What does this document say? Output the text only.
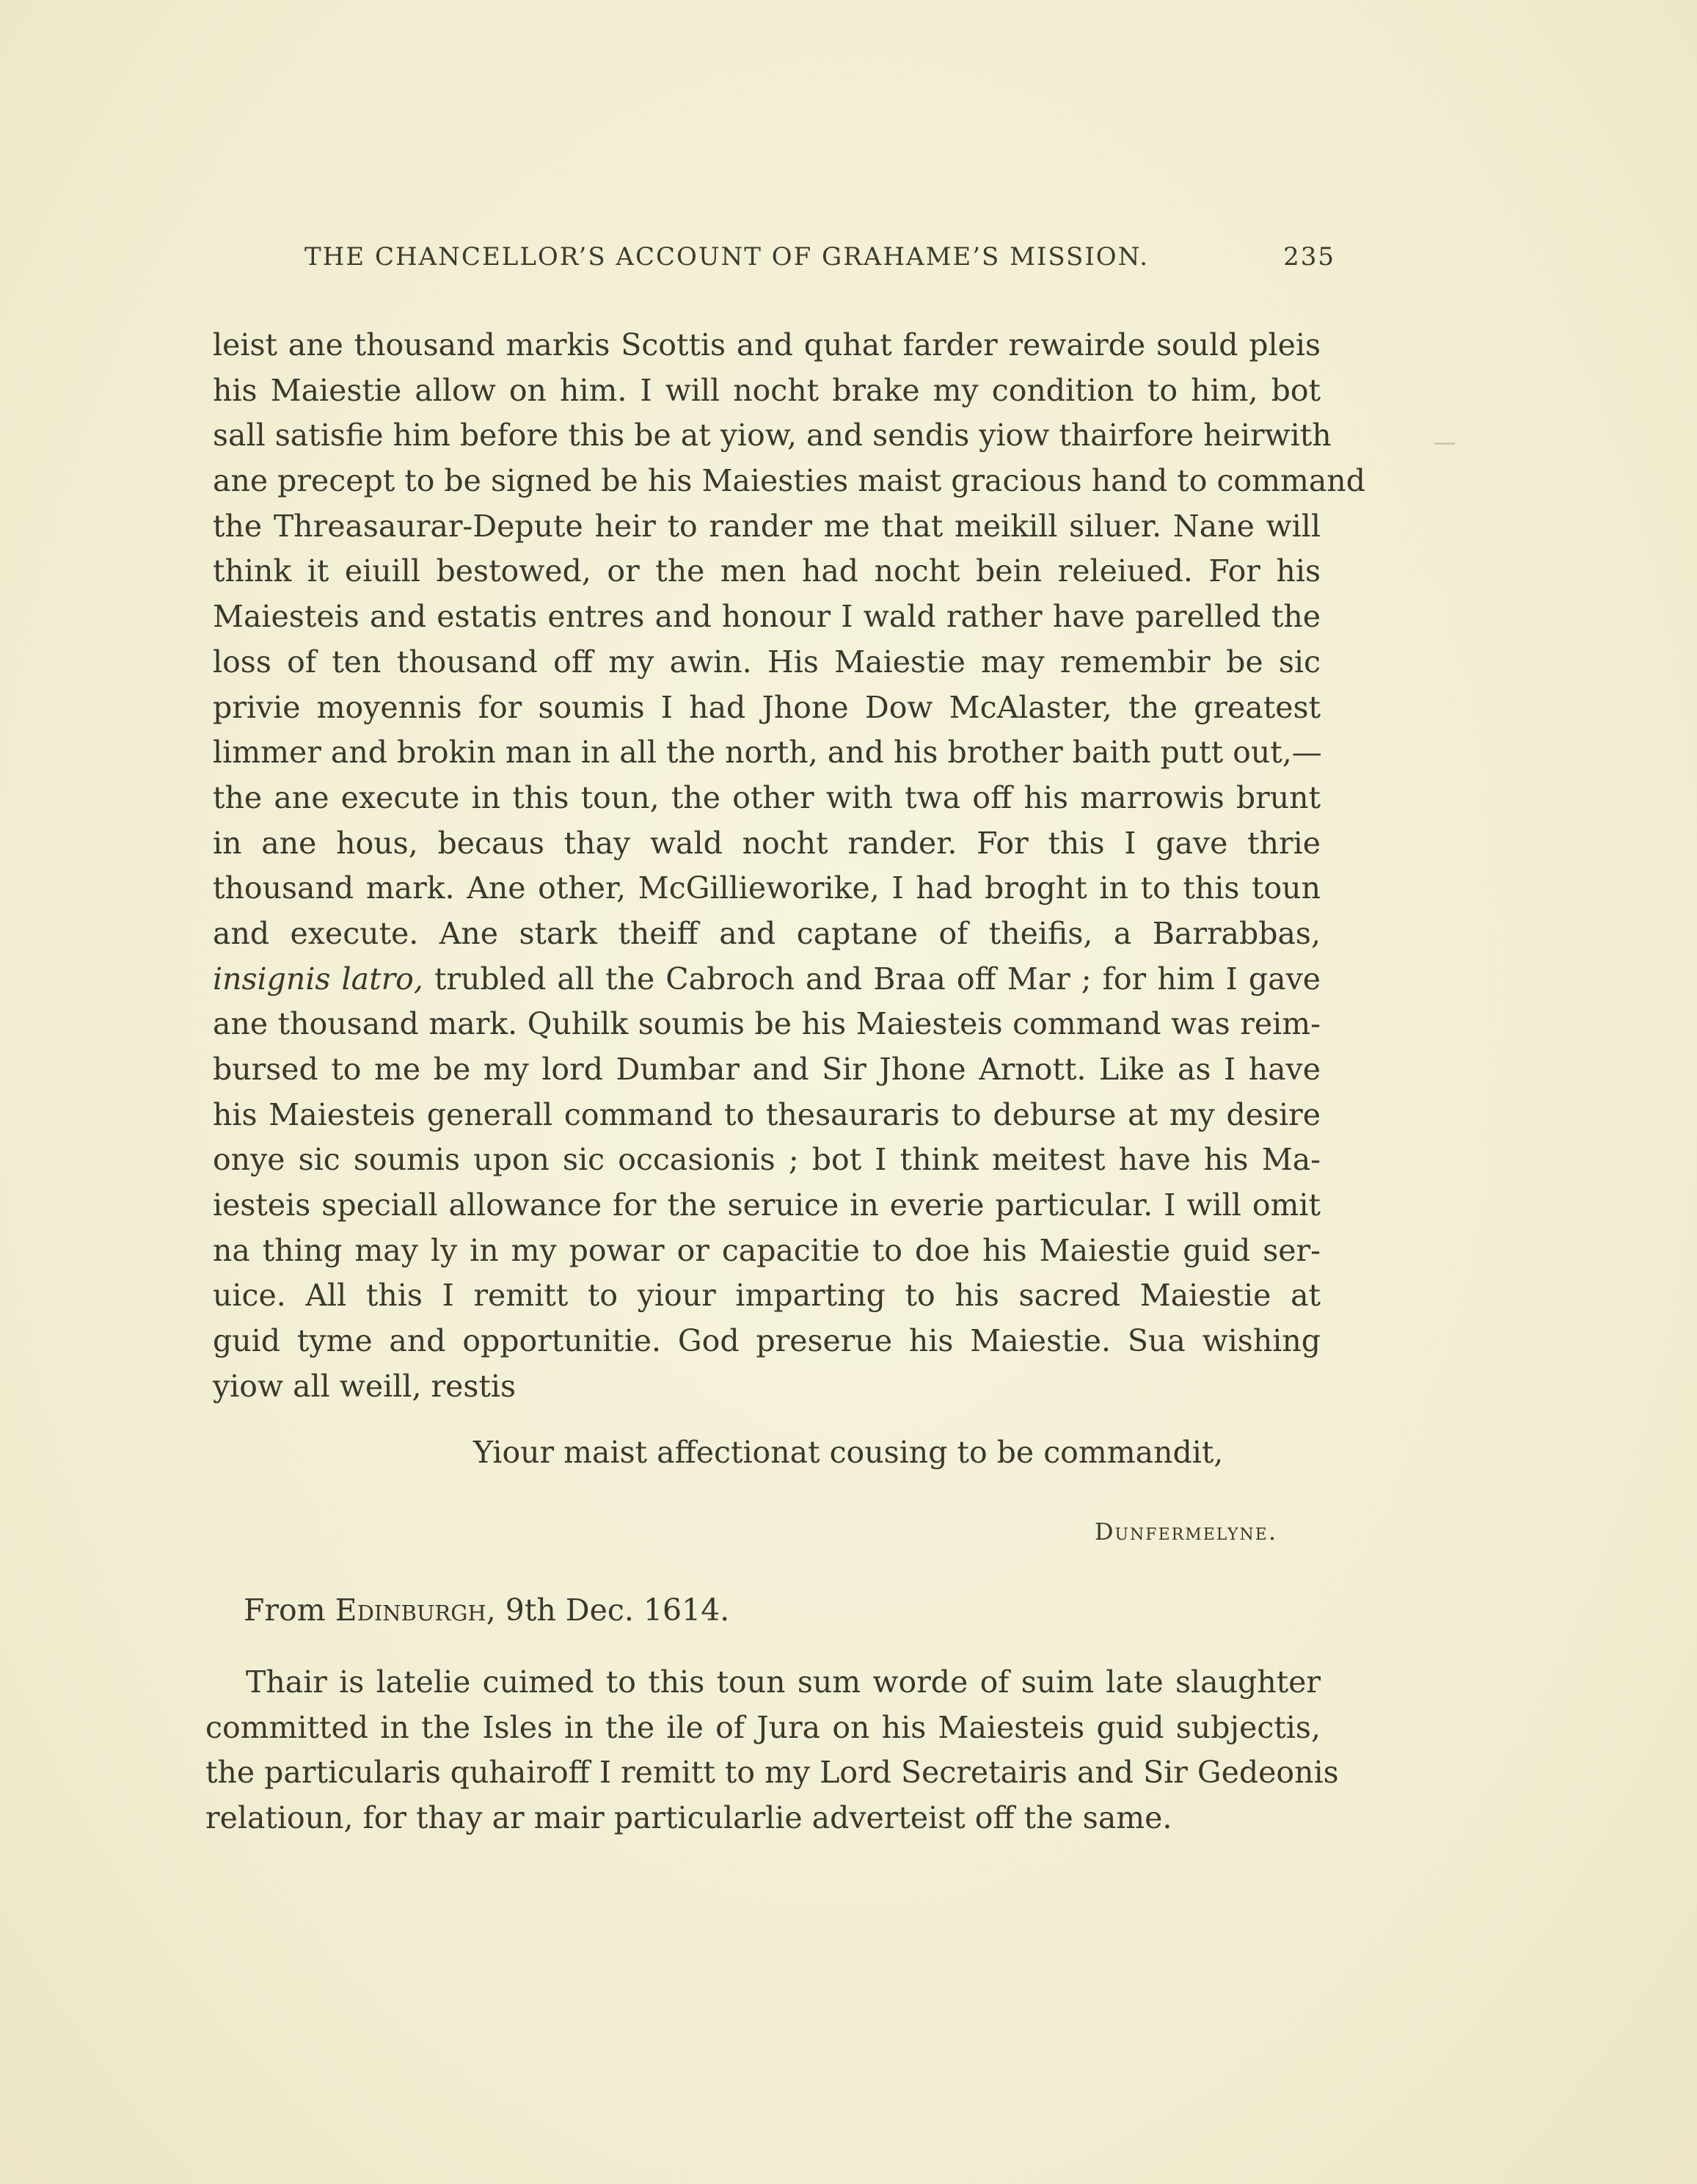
THE CHANCELLOR’S ACCOUNT OF GRAHAME’S MISSION.	235
leist ane thousand markis Scottis and quhat farder rewairde sould pleis
his Maiestie allow on him. I will nocht brake my condition to him, bot
sall satisfie him before this be at yiow, and sendis yiow thairfore heirwith
ane precept to be signed be his Maiesties maist gracious hand to command
the Threasaurar-Depute heir to rander me that meikill siluer. Nane will
think it eiuill bestowed, or the men had nocht bein releiued. For his
Maiesteis and estatis entres and honour I wald rather have parelled the
loss of ten thousand off my awin. His Maiestie may remembir be sic
privie moyennis for soumis I had Jhone Dow McAlaster, the greatest
limmer and brokin man in all the north, and his brother baith putt out,—
the ane execute in this toun, the other with twa off his marrowis brunt
in ane hous, becaus thay wald nocht rander. For this I gave thrie
thousand mark. Ane other, McGillieworike, I had broght in to this toun
and execute. Ane stark theiff and captane of theifis, a Barrabbas,
insignis latro, trubled all the Cabroch and Braa off Mar ; for him I gave
ane thousand mark. Quhilk soumis be his Maiesteis command was reim-
bursed to me be my lord Dumbar and Sir Jhone Arnott. Like as I have
his Maiesteis generall command to thesauraris to deburse at my desire
onye sic soumis upon sic occasionis ; bot I think meitest have his Ma-
iesteis speciall allowance for the seruice in everie particular. I will omit
na thing may ly in my powar or capacitie to doe his Maiestie guid ser-
uice. All this I remitt to yiour imparting to his sacred Maiestie at
guid tyme and opportunitie. God preserue his Maiestie. Sua wishing
yiow all weill, restis
Yiour maist affectionat cousing to be commandit,
Dunfermelyne.
From Edinburgh, 9th Dec. 1614.
Thair is latelie cuimed to this toun sum worde of suim late slaughter
committed in the Isles in the ile of Jura on his Maiesteis guid subjectis,
the particularis quhairoff I remitt to my Lord Secretairis and Sir Gedeonis
relatioun, for thay ar mair particularlie adverteist off the same.
